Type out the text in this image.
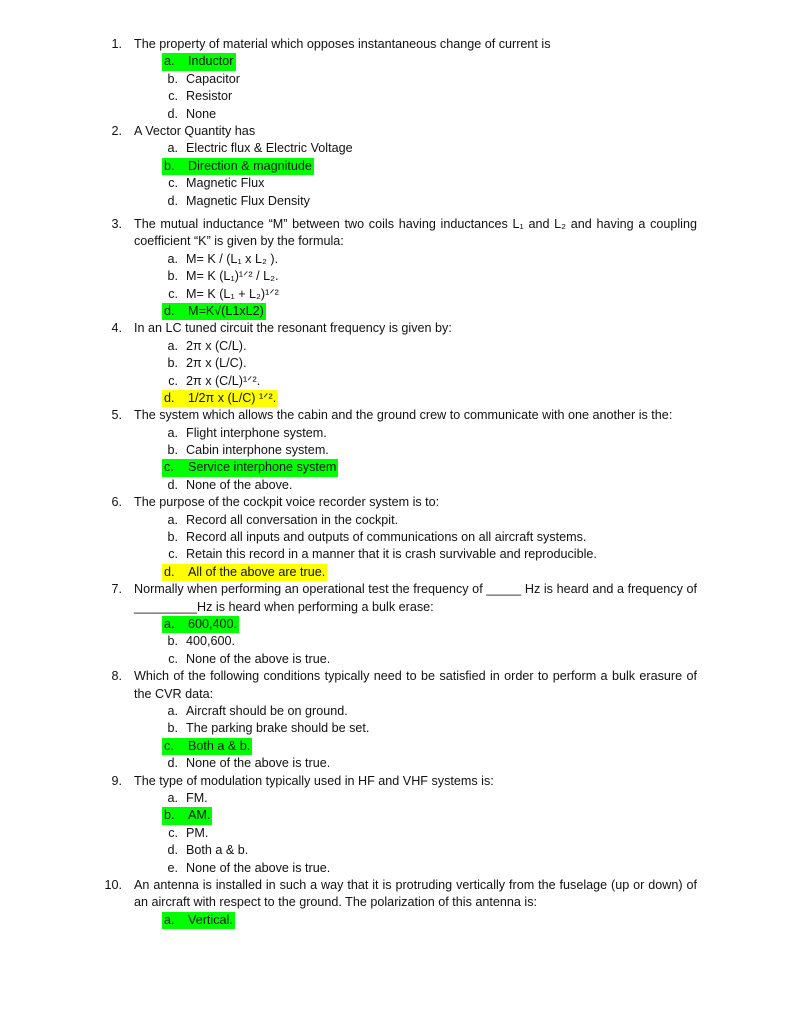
1. The property of material which opposes instantaneous change of current is
a. Inductor
b. Capacitor
c. Resistor
d. None
2. A Vector Quantity has
a. Electric flux & Electric Voltage
b. Direction & magnitude
c. Magnetic Flux
d. Magnetic Flux Density
3. The mutual inductance “M” between two coils having inductances L₁ and L₂ and having a coupling coefficient “K” is given by the formula:
a. M= K / (L₁ x L₂ ).
b. M= K (L₁)¹ᐟ² / L₂.
c. M= K (L₁ + L₂)¹ᐟ²
d. M=K√(L1xL2)
4. In an LC tuned circuit the resonant frequency is given by:
a. 2π x (C/L).
b. 2π x (L/C).
c. 2π x (C/L)¹ᐟ².
d. 1/2π x (L/C) ¹ᐟ².
5. The system which allows the cabin and the ground crew to communicate with one another is the:
a. Flight interphone system.
b. Cabin interphone system.
c. Service interphone system
d. None of the above.
6. The purpose of the cockpit voice recorder system is to:
a. Record all conversation in the cockpit.
b. Record all inputs and outputs of communications on all aircraft systems.
c. Retain this record in a manner that it is crash survivable and reproducible.
d. All of the above are true.
7. Normally when performing an operational test the frequency of _____ Hz is heard and a frequency of _________Hz is heard when performing a bulk erase:
a. 600,400.
b. 400,600.
c. None of the above is true.
8. Which of the following conditions typically need to be satisfied in order to perform a bulk erasure of the CVR data:
a. Aircraft should be on ground.
b. The parking brake should be set.
c. Both a & b.
d. None of the above is true.
9. The type of modulation typically used in HF and VHF systems is:
a. FM.
b. AM.
c. PM.
d. Both a & b.
e. None of the above is true.
10. An antenna is installed in such a way that it is protruding vertically from the fuselage (up or down) of an aircraft with respect to the ground. The polarization of this antenna is:
a. Vertical.
